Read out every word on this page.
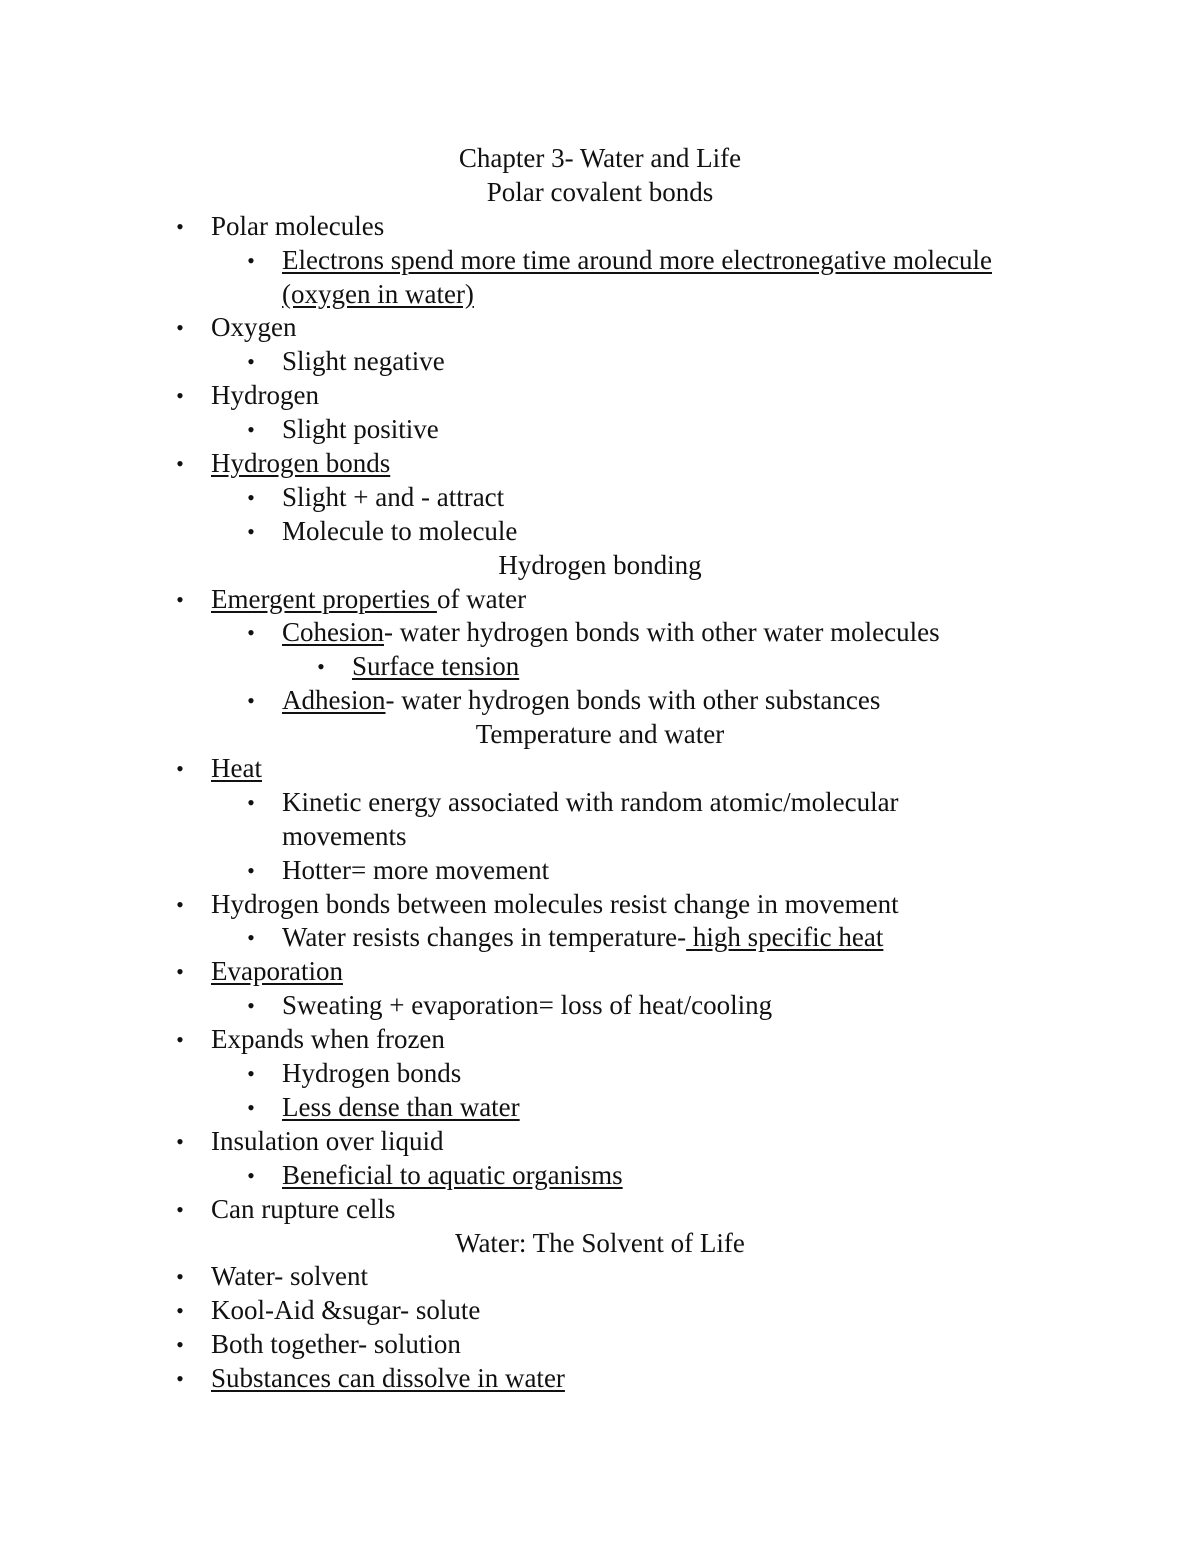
Chapter 3- Water and Life
Polar covalent bonds
• Polar molecules
• Electrons spend more time around more electronegative molecule
(oxygen in water)
• Oxygen
• Slight negative
• Hydrogen
• Slight positive
• Hydrogen bonds
• Slight + and - attract
• Molecule to molecule
Hydrogen bonding
• Emergent properties of water
• Cohesion- water hydrogen bonds with other water molecules
• Surface tension
• Adhesion- water hydrogen bonds with other substances
Temperature and water
• Heat
• Kinetic energy associated with random atomic/molecular
movements
• Hotter= more movement
• Hydrogen bonds between molecules resist change in movement
• Water resists changes in temperature- high specific heat
• Evaporation
• Sweating + evaporation= loss of heat/cooling
• Expands when frozen
• Hydrogen bonds
• Less dense than water
• Insulation over liquid
• Beneficial to aquatic organisms
• Can rupture cells
Water: The Solvent of Life
• Water- solvent
• Kool-Aid &sugar- solute
• Both together- solution
• Substances can dissolve in water
